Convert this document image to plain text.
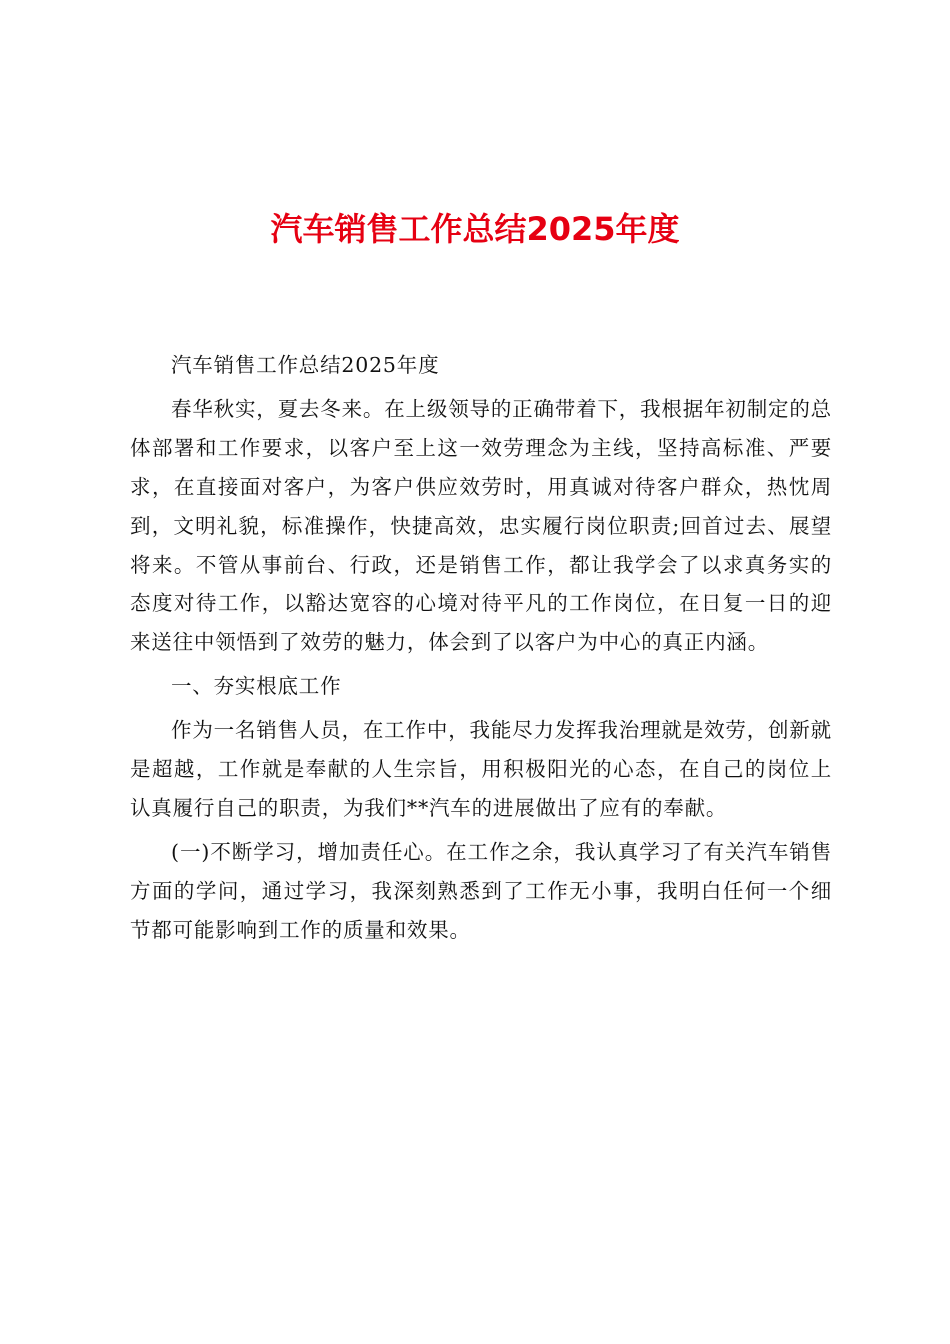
汽车销售工作总结2025年度

汽车销售工作总结2025年度

春华秋实，夏去冬来。在上级领导的正确带着下，我根据年初制定的总体部署和工作要求，以客户至上这一效劳理念为主线，坚持高标准、严要求，在直接面对客户，为客户供应效劳时，用真诚对待客户群众，热忱周到，文明礼貌，标准操作，快捷高效，忠实履行岗位职责;回首过去、展望将来。不管从事前台、行政，还是销售工作，都让我学会了以求真务实的态度对待工作，以豁达宽容的心境对待平凡的工作岗位，在日复一日的迎来送往中领悟到了效劳的魅力，体会到了以客户为中心的真正内涵。

一、夯实根底工作

作为一名销售人员，在工作中，我能尽力发挥我治理就是效劳，创新就是超越，工作就是奉献的人生宗旨，用积极阳光的心态，在自己的岗位上认真履行自己的职责，为我们**汽车的进展做出了应有的奉献。

(一)不断学习，增加责任心。在工作之余，我认真学习了有关汽车销售方面的学问，通过学习，我深刻熟悉到了工作无小事，我明白任何一个细节都可能影响到工作的质量和效果。
